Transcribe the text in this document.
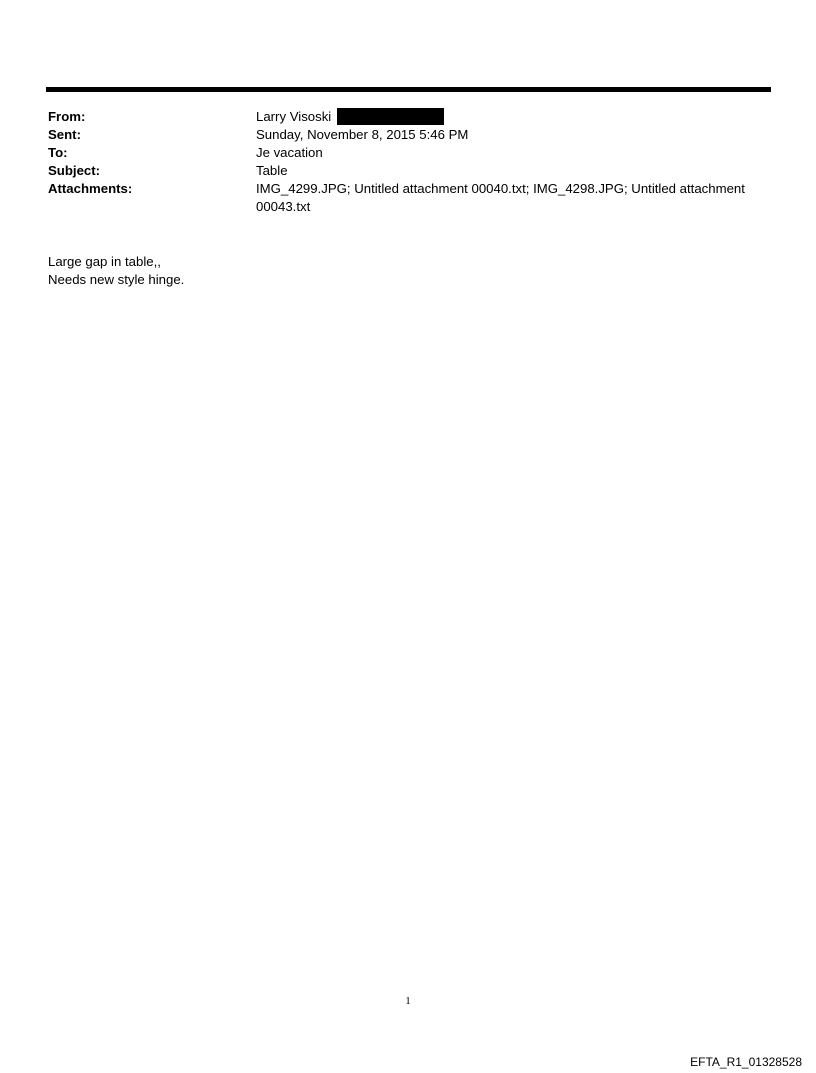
From:	Larry Visoski
Sent:	Sunday, November 8, 2015 5:46 PM
To:	Je vacation
Subject:	Table
Attachments:	IMG_4299.JPG; Untitled attachment 00040.txt; IMG_4298.JPG; Untitled attachment 00043.txt
Large gap in table,,
Needs new style hinge.
1
EFTA_R1_01328528
